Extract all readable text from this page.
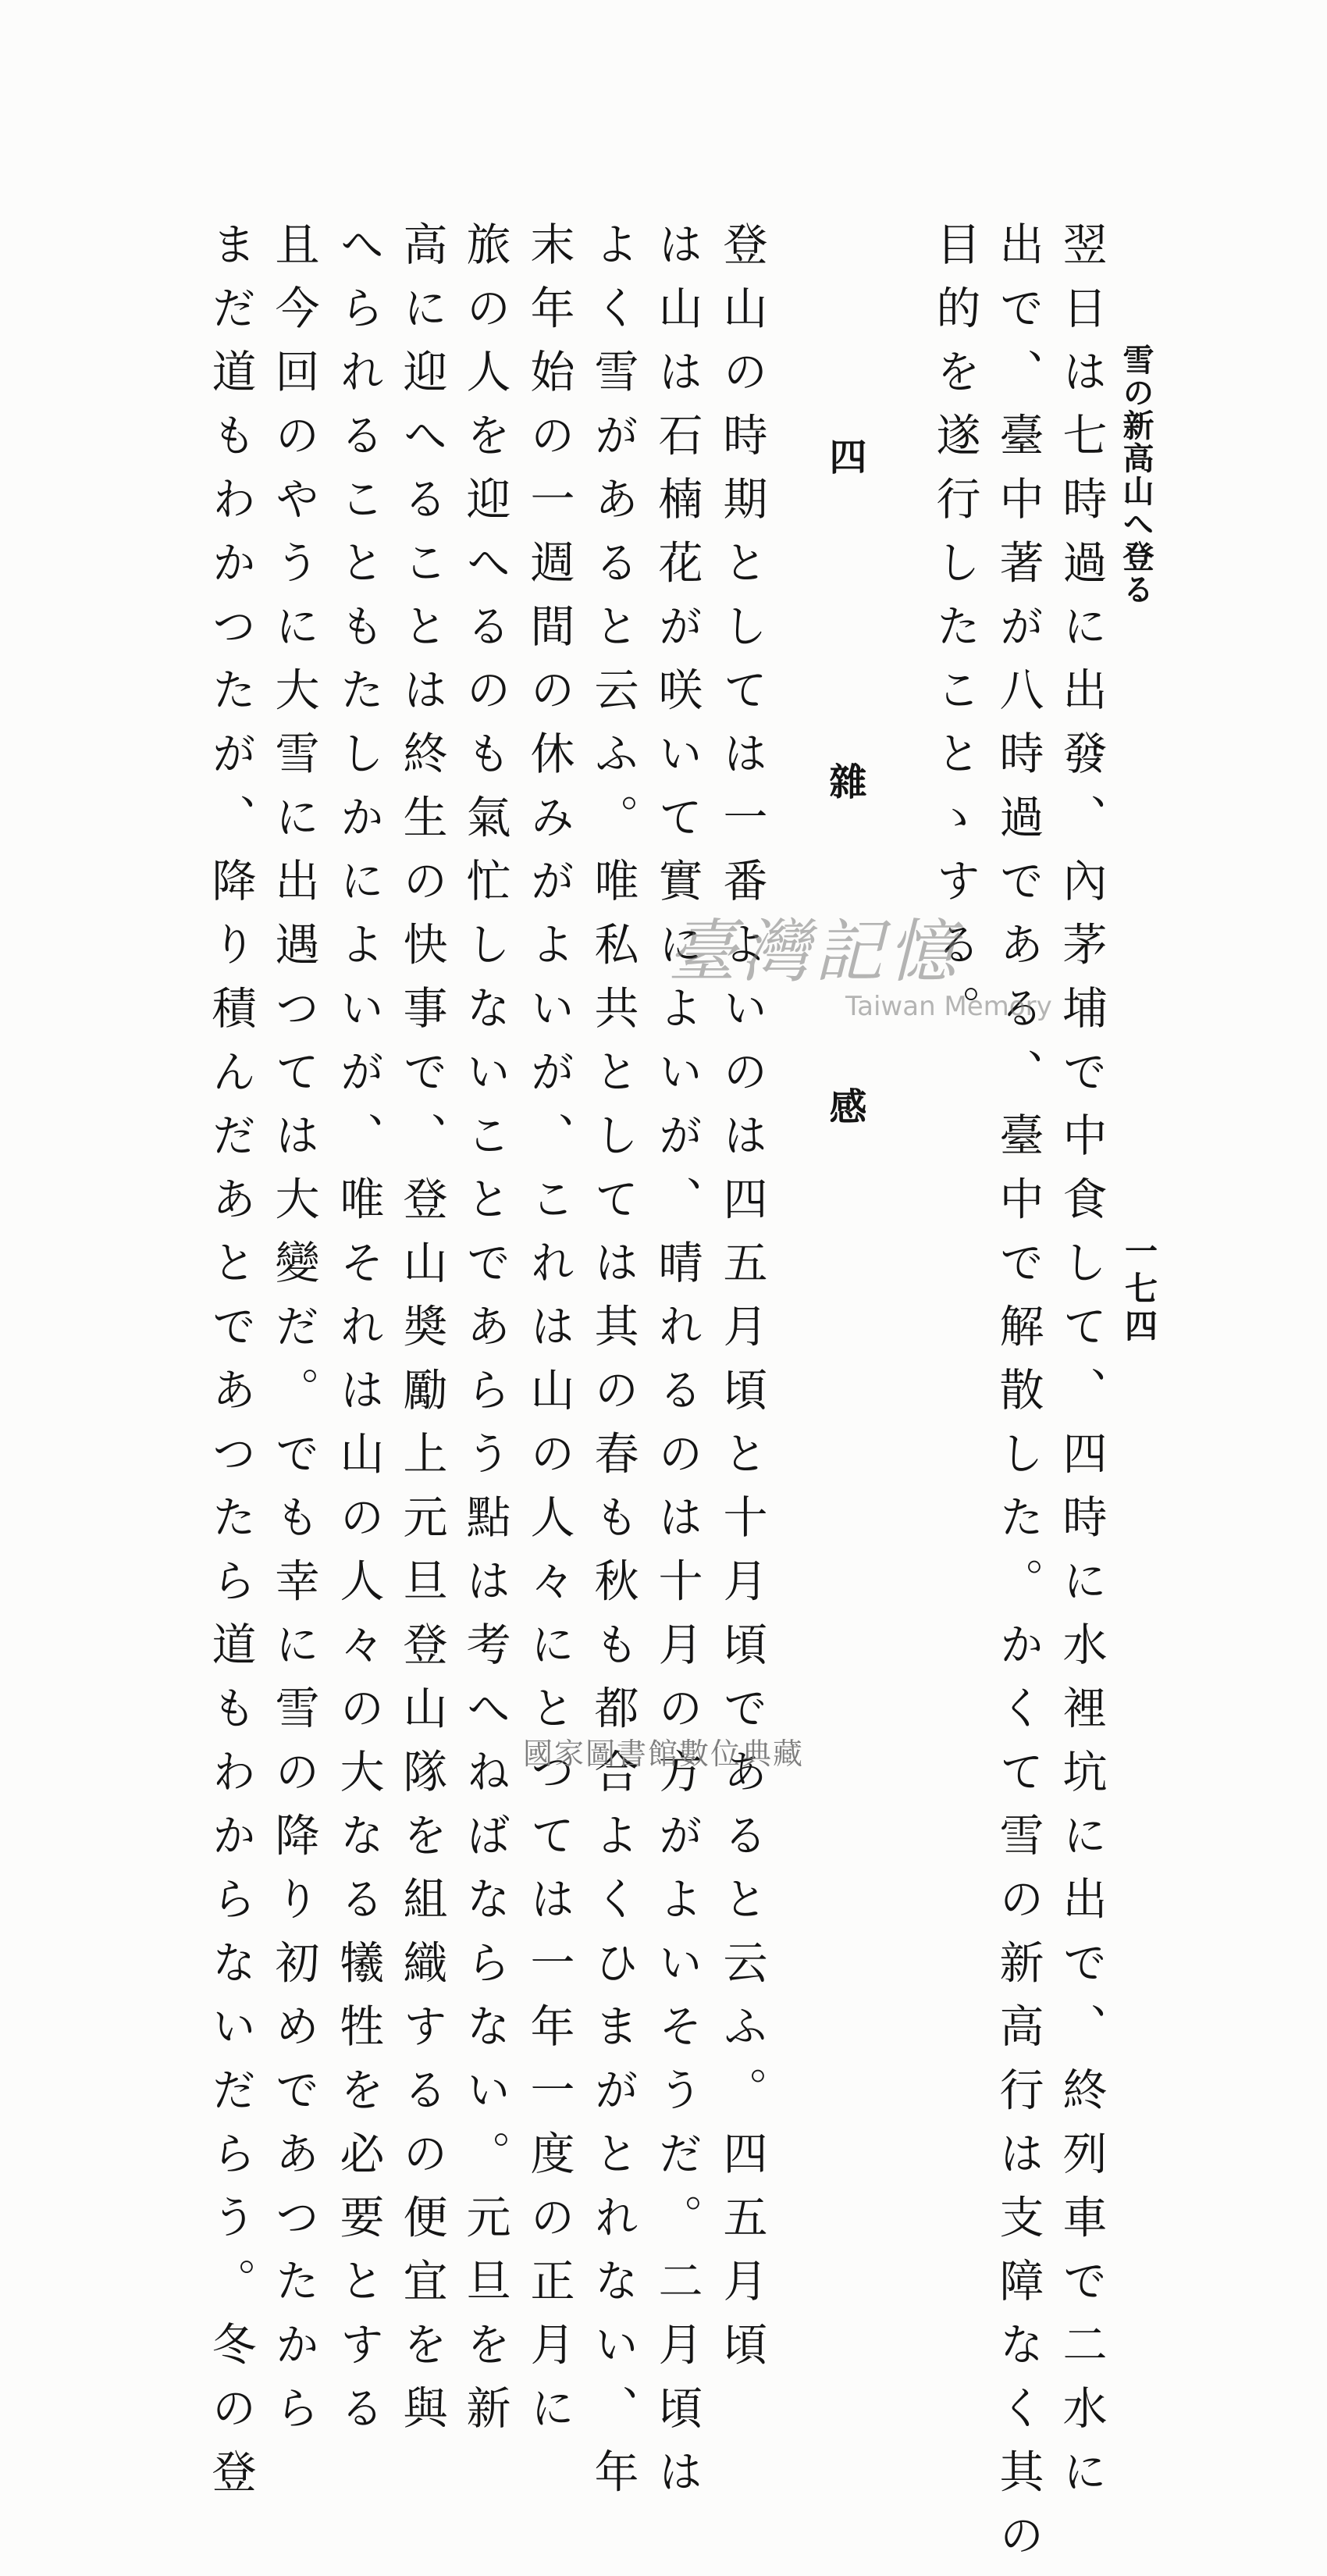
雪の新高山へ登る
一七四
翌日は七時過に出發、內茅埔で中食して、四時に水裡坑に出で、終列車で二水に
出で、臺中著が八時過である、臺中で解散した。かくて雪の新高行は支障なく其の
目的を遂行したことゝする。
四　雜　感
登山の時期としては一番よいのは四五月頃と十月頃であると云ふ。四五月頃
は山は石楠花が咲いて實によいが、晴れるのは十月の方がよいそうだ。二月頃は
よく雪があると云ふ。唯私共としては其の春も秋も都合よくひまがとれない、年
末年始の一週間の休みがよいが、これは山の人々にとつては一年一度の正月に
旅の人を迎へるのも氣忙しないことであらう點は考へねばならない。元旦を新
高に迎へることは終生の快事で、登山奬勵上元旦登山隊を組織するの便宜を與
へられることもたしかによいが、唯それは山の人々の大なる犧牲を必要とする
且今回のやうに大雪に出遇つては大變だ。でも幸に雪の降り初めであつたから
まだ道もわかつたが、降り積んだあとであつたら道もわからないだらう。冬の登	臺灣記憶
Taiwan Memory
國家圖書館數位典藏
